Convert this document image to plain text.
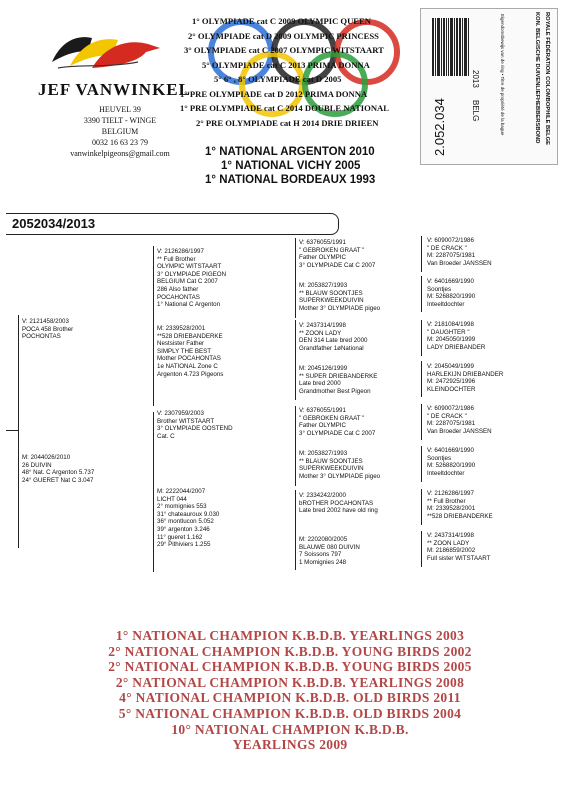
JEF VANWINKEL
HEUVEL 39
3390 TIELT - WINGE
BELGIUM
0032 16 63 23 79
vanwinkelpigeons@gmail.com
1° OLYMPIADE cat C 2009 OLYMPIC QUEEN
2° OLYMPIADE cat D 2009 OLYMPIC PRINCESS
3° OLYMPIADE cat C 2007 OLYMPIC WITSTAART
5° OLYMPIADE cat C 2013 PRIMA DONNA
5° 6° , 8° OLYMPIADE cat D 2005
1° PRE OLYMPIADE cat D 2012 PRIMA DONNA
1° PRE OLYMPIADE cat C 2014 DOUBLE NATIONAL
2° PRE OLYMPIADE cat H 2014 DRIE DRIEEN
1° NATIONAL ARGENTON 2010
1° NATIONAL VICHY 2005
1° NATIONAL BORDEAUX 1993
2.052.034
2013
BELG	Eigendomsbewijs van de ring • Titre de propriété de la bague	KON. BELGISCHE DUIVENLIEFHEBBERSBOND ROYALE FÉDÉRATION COLOMBOPHILE BELGE
2052034/2013
V: 2121458/2003
POCA 458 Brother
POCHONTAS
M: 2044026/2010
26 DUIVIN
48° Nat. C Argenton 5.737
24° GUERET Nat C 3.047
V: 2126286/1997
** Full Brother
OLYMPIC WITSTAART
3° OLYMPIADE PIGEON
BELGIUM Cat C 2007
286 Also father
POCAHONTAS
1° National C Argenton
M: 2339528/2001
**528 DRIEBANDERKE
Nestsister Father
SIMPLY THE BEST
Mother POCAHONTAS
1e NATIONAL Zone C
Argenton 4.723 Pigeons
V: 2307959/2003
Brother WITSTAART
3° OLYMPIADE OOSTEND
Cat. C
M: 2222044/2007
LICHT 044
2° momignies 553
31° chateauroux 9.030
36° montlucon 5.052
39° argenton 3.246
11° gueret 1.162
29° Pithiviers 1.255
V: 6376055/1991
" GEBROKEN GRAAT "
Father OLYMPIC
3° OLYMPIADE Cat C 2007
M: 2053827/1993
** BLAUW SOONTJES
SUPERKWEEKDUIVIN
Mother 3° OLYMPIADE pigeo
V: 2437314/1998
** ZOON LADY
DEN 314 Late bred 2000
Grandfather 1øNational
M: 2045126/1999
** SUPER DRIEBANDERKE
Late bred 2000
Grandmother Best Pigeon
V: 6376055/1991
" GEBROKEN GRAAT "
Father OLYMPIC
3° OLYMPIADE Cat C 2007
M: 2053827/1993
** BLAUW SOONTJES
SUPERKWEEKDUIVIN
Mother 3° OLYMPIADE pigeo
V: 2334242/2000
bROTHER POCAHONTAS
Late bred 2002 have old ring
M: 2202080/2005
BLAUWE 080 DUIVIN
7 Soissons 797
1 Momignies 248
V: 6090072/1986
" DE CRACK "
M: 2287075/1981
Van Broeder JANSSEN
V: 6401669/1990
Soontjes
M: 5268820/1990
Inteeltdochter
V: 2181084/1998
" DAUGHTER "
M: 2045050/1999
LADY DRIEBANDER
V: 2045049/1999
HARLEKIJN DRIEBANDER
M: 2472925/1996
KLEINDOCHTER
V: 6090072/1986
" DE CRACK "
M: 2287075/1981
Van Broeder JANSSEN
V: 6401669/1990
Soontjes
M: 5268820/1990
Inteeltdochter
V: 2126286/1997
** Full Brother
M: 2339528/2001
**528 DRIEBANDERKE
V: 2437314/1998
** ZOON LADY
M: 2186859/2002
Full sister WITSTAART
1° NATIONAL CHAMPION K.B.D.B. YEARLINGS 2003
2° NATIONAL CHAMPION K.B.D.B. YOUNG BIRDS 2002
2° NATIONAL CHAMPION K.B.D.B. YOUNG BIRDS 2005
2° NATIONAL CHAMPION K.B.D.B. YEARLINGS 2008
4° NATIONAL CHAMPION K.B.D.B. OLD BIRDS 2011
5° NATIONAL CHAMPION K.B.D.B. OLD BIRDS 2004
10° NATIONAL CHAMPION K.B.D.B.
YEARLINGS 2009
